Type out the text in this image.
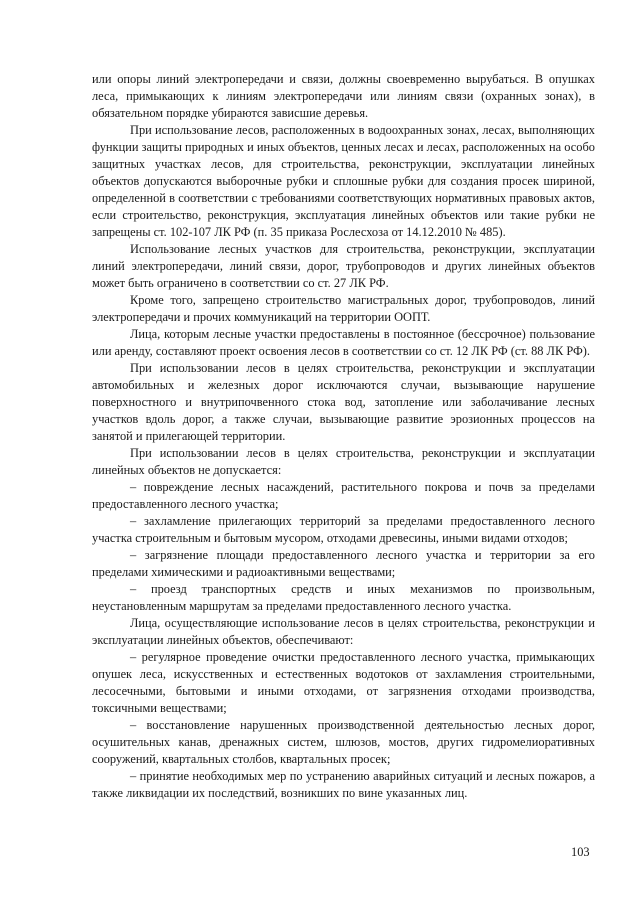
или опоры линий электропередачи и связи, должны своевременно вырубаться. В опушках леса, примыкающих к линиям электропередачи или линиям связи (охранных зонах), в обязательном порядке убираются зависшие деревья.

При использование лесов, расположенных в водоохранных зонах, лесах, выполняющих функции защиты природных и иных объектов, ценных лесах и лесах, расположенных на особо защитных участках лесов, для строительства, реконструкции, эксплуатации линейных объектов допускаются выборочные рубки и сплошные рубки для создания просек шириной, определенной в соответствии с требованиями соответствующих нормативных правовых актов, если строительство, реконструкция, эксплуатация линейных объектов или такие рубки не запрещены ст. 102-107 ЛК РФ (п. 35 приказа Рослесхоза от 14.12.2010 № 485).

Использование лесных участков для строительства, реконструкции, эксплуатации линий электропередачи, линий связи, дорог, трубопроводов и других линейных объектов может быть ограничено в соответствии со ст. 27 ЛК РФ.

Кроме того, запрещено строительство магистральных дорог, трубопроводов, линий электропередачи и прочих коммуникаций на территории ООПТ.

Лица, которым лесные участки предоставлены в постоянное (бессрочное) пользование или аренду, составляют проект освоения лесов в соответствии со ст. 12 ЛК РФ (ст. 88 ЛК РФ).

При использовании лесов в целях строительства, реконструкции и эксплуатации автомобильных и железных дорог исключаются случаи, вызывающие нарушение поверхностного и внутрипочвенного стока вод, затопление или заболачивание лесных участков вдоль дорог, а также случаи, вызывающие развитие эрозионных процессов на занятой и прилегающей территории.

При использовании лесов в целях строительства, реконструкции и эксплуатации линейных объектов не допускается:

– повреждение лесных насаждений, растительного покрова и почв за пределами предоставленного лесного участка;

– захламление прилегающих территорий за пределами предоставленного лесного участка строительным и бытовым мусором, отходами древесины, иными видами отходов;

– загрязнение площади предоставленного лесного участка и территории за его пределами химическими и радиоактивными веществами;

– проезд транспортных средств и иных механизмов по произвольным, неустановленным маршрутам за пределами предоставленного лесного участка.

Лица, осуществляющие использование лесов в целях строительства, реконструкции и эксплуатации линейных объектов, обеспечивают:

– регулярное проведение очистки предоставленного лесного участка, примыкающих опушек леса, искусственных и естественных водотоков от захламления строительными, лесосечными, бытовыми и иными отходами, от загрязнения отходами производства, токсичными веществами;

– восстановление нарушенных производственной деятельностью лесных дорог, осушительных канав, дренажных систем, шлюзов, мостов, других гидромелиоративных сооружений, квартальных столбов, квартальных просек;

– принятие необходимых мер по устранению аварийных ситуаций и лесных пожаров, а также ликвидации их последствий, возникших по вине указанных лиц.

103
